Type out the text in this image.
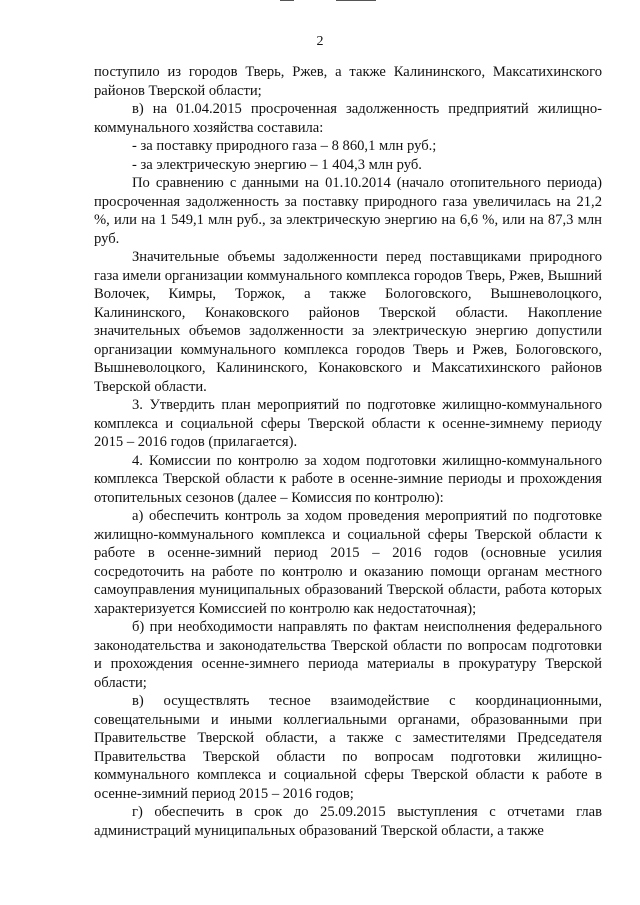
2

поступило из городов Тверь, Ржев, а также Калининского, Максатихинского районов Тверской области;

в) на 01.04.2015 просроченная задолженность предприятий жилищно-коммунального хозяйства составила:

- за поставку природного газа – 8 860,1 млн руб.;

- за электрическую энергию – 1 404,3 млн руб.

По сравнению с данными на 01.10.2014 (начало отопительного периода) просроченная задолженность за поставку природного газа увеличилась на 21,2 %, или на 1 549,1 млн руб., за электрическую энергию на 6,6 %, или на 87,3 млн руб.

Значительные объемы задолженности перед поставщиками природного газа имели организации коммунального комплекса городов Тверь, Ржев, Вышний Волочек, Кимры, Торжок, а также Бологовского, Вышневолоцкого, Калининского, Конаковского районов Тверской области. Накопление значительных объемов задолженности за электрическую энергию допустили организации коммунального комплекса городов Тверь и Ржев, Бологовского, Вышневолоцкого, Калининского, Конаковского и Максатихинского районов Тверской области.

3. Утвердить план мероприятий по подготовке жилищно-коммунального комплекса и социальной сферы Тверской области к осенне-зимнему периоду 2015 – 2016 годов (прилагается).

4. Комиссии по контролю за ходом подготовки жилищно-коммунального комплекса Тверской области к работе в осенне-зимние периоды и прохождения отопительных сезонов (далее – Комиссия по контролю):

а) обеспечить контроль за ходом проведения мероприятий по подготовке жилищно-коммунального комплекса и социальной сферы Тверской области к работе в осенне-зимний период 2015 – 2016 годов (основные усилия сосредоточить на работе по контролю и оказанию помощи органам местного самоуправления муниципальных образований Тверской области, работа которых характеризуется Комиссией по контролю как недостаточная);

б) при необходимости направлять по фактам неисполнения федерального законодательства и законодательства Тверской области по вопросам подготовки и прохождения осенне-зимнего периода материалы в прокуратуру Тверской области;

в) осуществлять тесное взаимодействие с координационными, совещательными и иными коллегиальными органами, образованными при Правительстве Тверской области, а также с заместителями Председателя Правительства Тверской области по вопросам подготовки жилищно-коммунального комплекса и социальной сферы Тверской области к работе в осенне-зимний период 2015 – 2016 годов;

г) обеспечить в срок до 25.09.2015 выступления с отчетами глав администраций муниципальных образований Тверской области, а также
